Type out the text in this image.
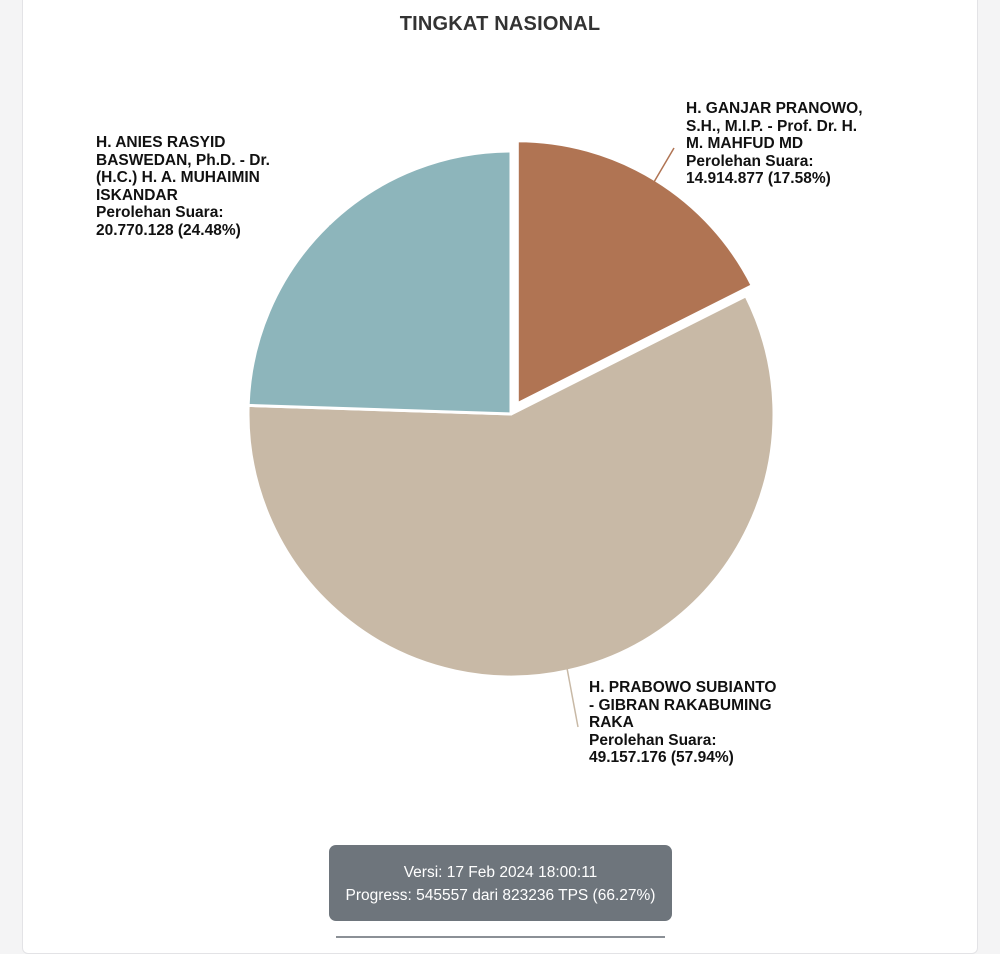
TINGKAT NASIONAL
H. GANJAR PRANOWO,
S.H., M.I.P. - Prof. Dr. H.
M. MAHFUD MD
Perolehan Suara:
14.914.877 (17.58%)
H. PRABOWO SUBIANTO
- GIBRAN RAKABUMING
RAKA
Perolehan Suara:
49.157.176 (57.94%)
H. ANIES RASYID
BASWEDAN, Ph.D. - Dr.
(H.C.) H. A. MUHAIMIN
ISKANDAR
Perolehan Suara:
20.770.128 (24.48%)
Versi: 17 Feb 2024 18:00:11
Progress: 545557 dari 823236 TPS (66.27%)
